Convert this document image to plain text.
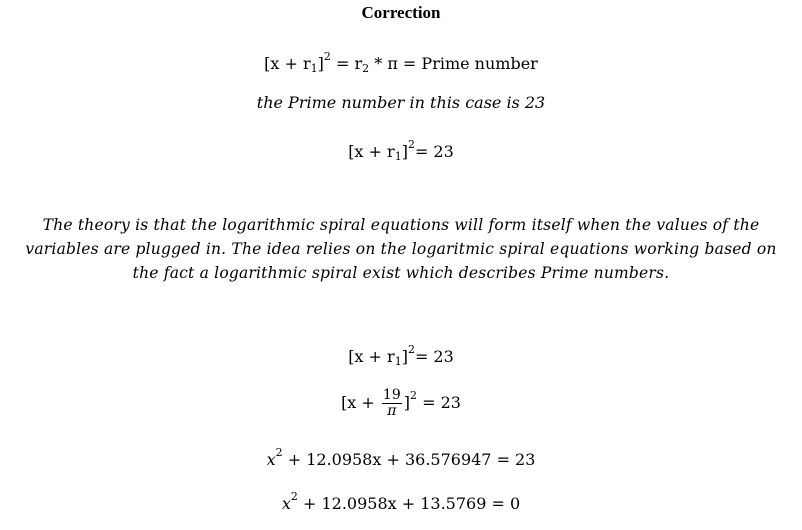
Correction
$[x + r_1]^2 = r_2 * \pi$ = Prime number
the Prime number in this case is 23
$[x + r_1]^2= 23$
The theory is that the logarithmic spiral equations will form itself when the values of the variables are plugged in. The idea relies on the logaritmic spiral equations working based on the fact a logarithmic spiral exist which describes Prime numbers.
$[x + r_1]^2= 23$
$[x + \frac{19}{\pi} ]^2 = 23$
$x^2 + 12.0958x + 36.576947 = 23$
$x^2 + 12.0958x + 13.5769 = 0$
